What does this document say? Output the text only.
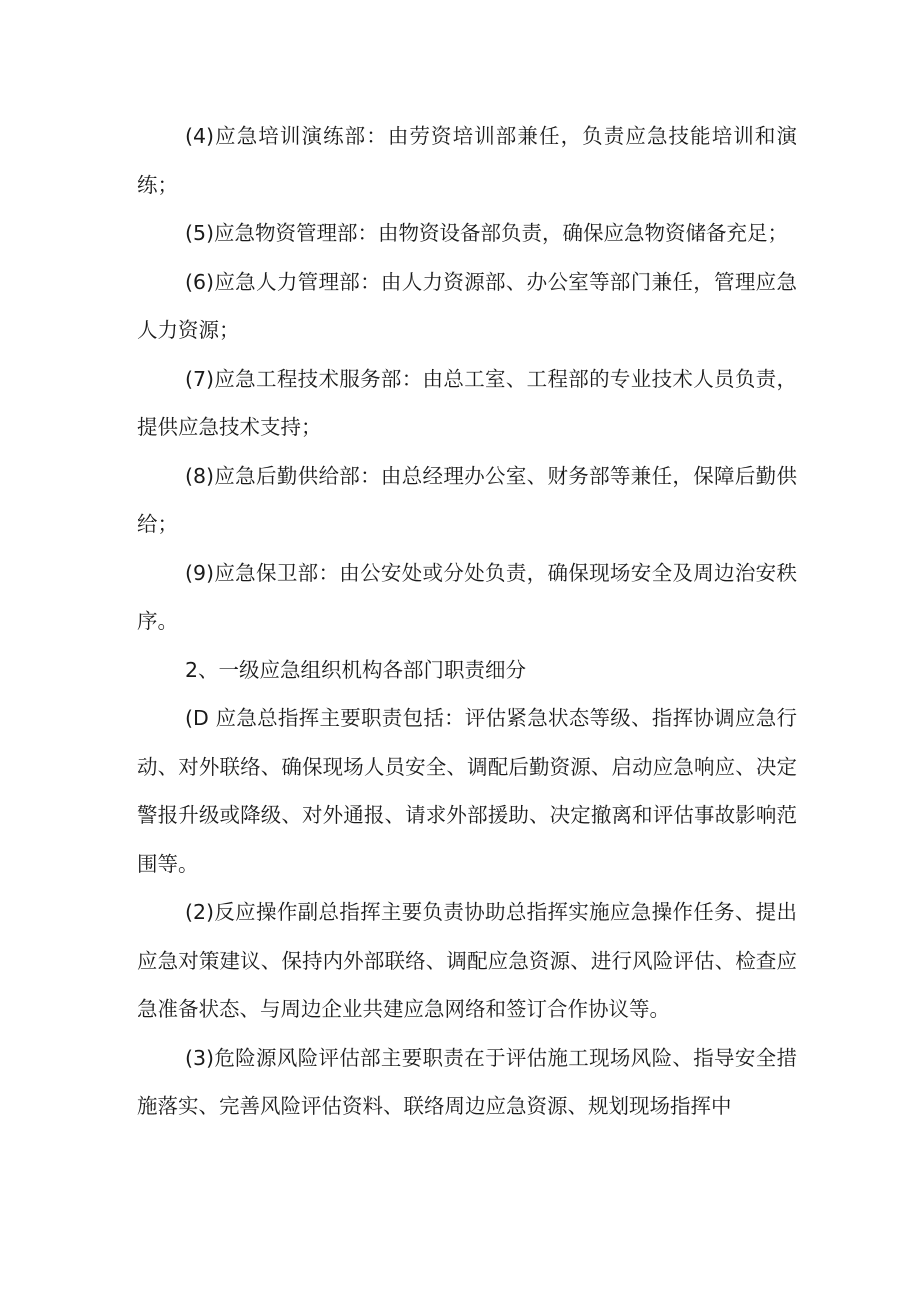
(4)应急培训演练部：由劳资培训部兼任，负责应急技能培训和演练；

(5)应急物资管理部：由物资设备部负责，确保应急物资储备充足；

(6)应急人力管理部：由人力资源部、办公室等部门兼任，管理应急人力资源；

(7)应急工程技术服务部：由总工室、工程部的专业技术人员负责，提供应急技术支持；

(8)应急后勤供给部：由总经理办公室、财务部等兼任，保障后勤供给；

(9)应急保卫部：由公安处或分处负责，确保现场安全及周边治安秩序。

2、一级应急组织机构各部门职责细分

(D 应急总指挥主要职责包括：评估紧急状态等级、指挥协调应急行动、对外联络、确保现场人员安全、调配后勤资源、启动应急响应、决定警报升级或降级、对外通报、请求外部援助、决定撤离和评估事故影响范围等。

(2)反应操作副总指挥主要负责协助总指挥实施应急操作任务、提出应急对策建议、保持内外部联络、调配应急资源、进行风险评估、检查应急准备状态、与周边企业共建应急网络和签订合作协议等。

(3)危险源风险评估部主要职责在于评估施工现场风险、指导安全措施落实、完善风险评估资料、联络周边应急资源、规划现场指挥中
